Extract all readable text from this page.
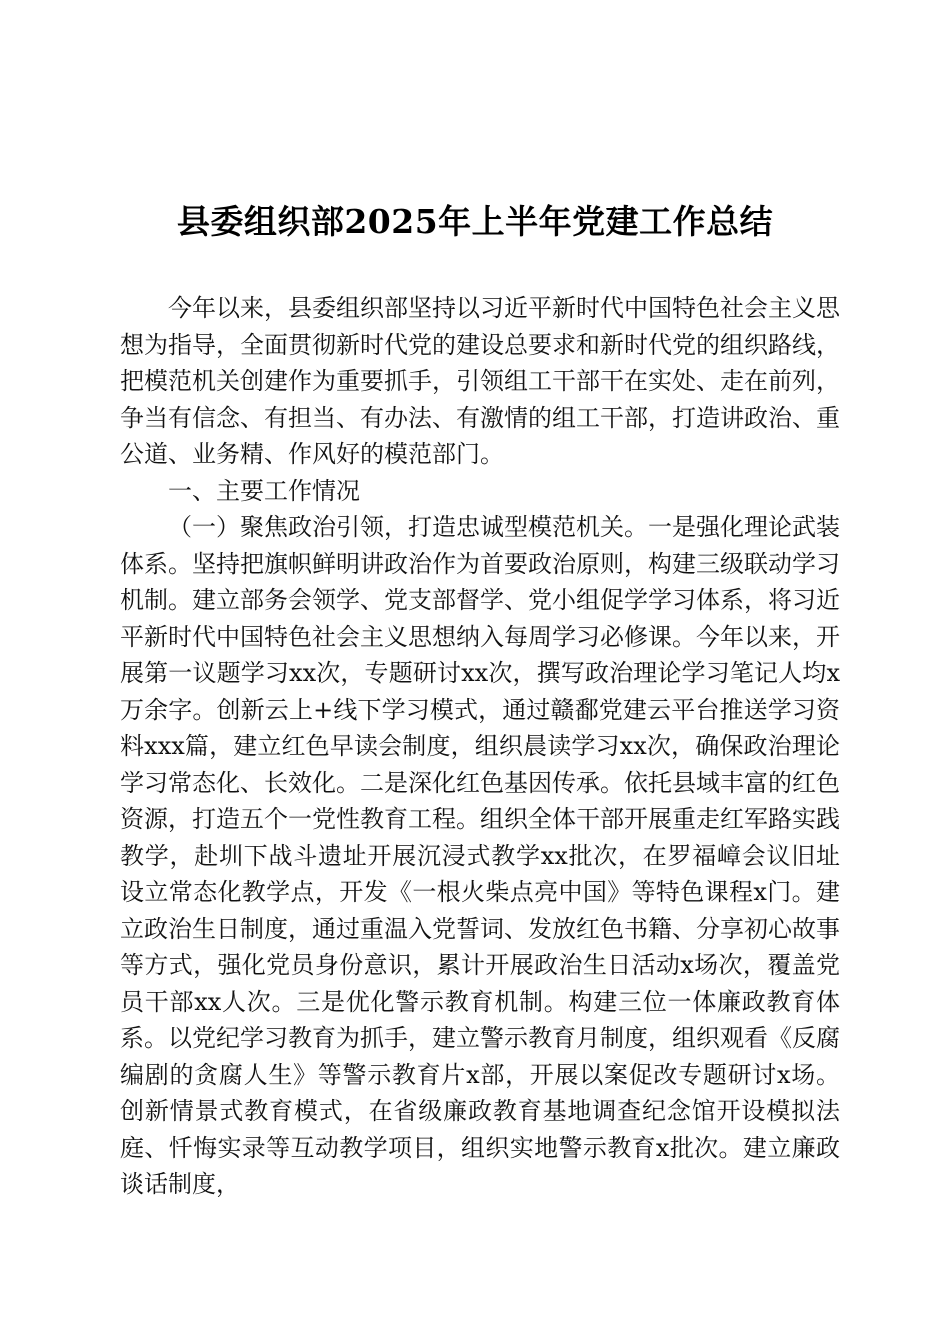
县委组织部2025年上半年党建工作总结

今年以来，县委组织部坚持以习近平新时代中国特色社会主义思想为指导，全面贯彻新时代党的建设总要求和新时代党的组织路线，把模范机关创建作为重要抓手，引领组工干部干在实处、走在前列，争当有信念、有担当、有办法、有激情的组工干部，打造讲政治、重公道、业务精、作风好的模范部门。

一、主要工作情况

（一）聚焦政治引领，打造忠诚型模范机关。一是强化理论武装体系。坚持把旗帜鲜明讲政治作为首要政治原则，构建三级联动学习机制。建立部务会领学、党支部督学、党小组促学学习体系，将习近平新时代中国特色社会主义思想纳入每周学习必修课。今年以来，开展第一议题学习xx次，专题研讨xx次，撰写政治理论学习笔记人均x万余字。创新云上+线下学习模式，通过赣鄱党建云平台推送学习资料xxx篇，建立红色早读会制度，组织晨读学习xx次，确保政治理论学习常态化、长效化。二是深化红色基因传承。依托县域丰富的红色资源，打造五个一党性教育工程。组织全体干部开展重走红军路实践教学，赴圳下战斗遗址开展沉浸式教学xx批次，在罗福嶂会议旧址设立常态化教学点，开发《一根火柴点亮中国》等特色课程x门。建立政治生日制度，通过重温入党誓词、发放红色书籍、分享初心故事等方式，强化党员身份意识，累计开展政治生日活动x场次，覆盖党员干部xx人次。三是优化警示教育机制。构建三位一体廉政教育体系。以党纪学习教育为抓手，建立警示教育月制度，组织观看《反腐编剧的贪腐人生》等警示教育片x部，开展以案促改专题研讨x场。创新情景式教育模式，在省级廉政教育基地调查纪念馆开设模拟法庭、忏悔实录等互动教学项目，组织实地警示教育x批次。建立廉政谈话制度，
